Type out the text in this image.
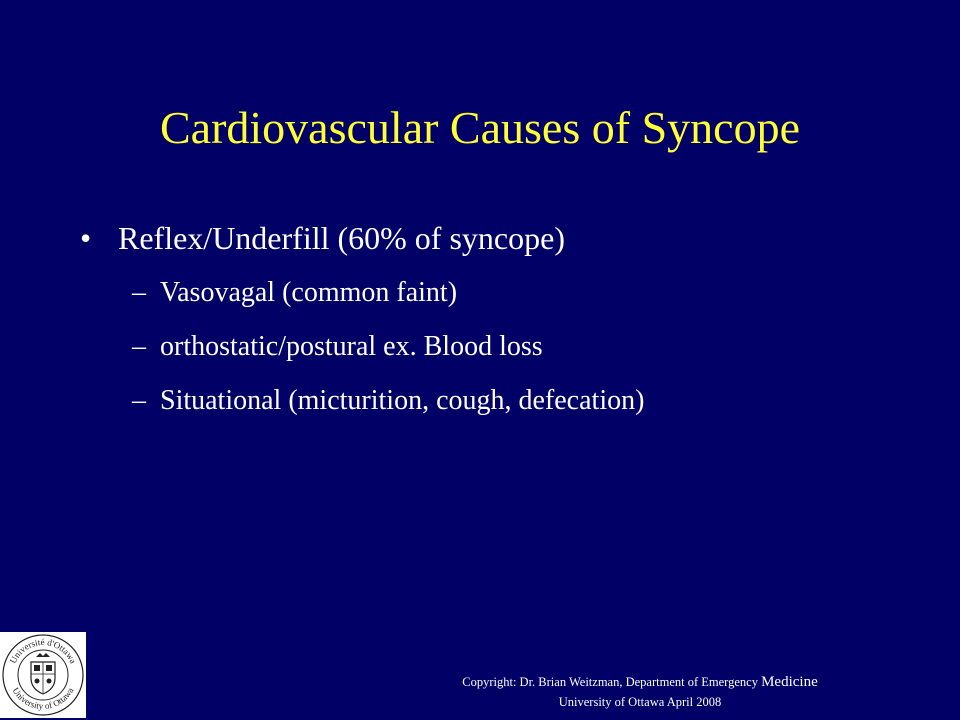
Cardiovascular Causes of Syncope
• Reflex/Underfill (60% of syncope)
– Vasovagal (common faint)
– orthostatic/postural ex. Blood loss
– Situational (micturition, cough, defecation)
Université d'Ottawa
University of Ottawa
Copyright: Dr. Brian Weitzman, Department of Emergency Medicine
University of Ottawa April 2008
